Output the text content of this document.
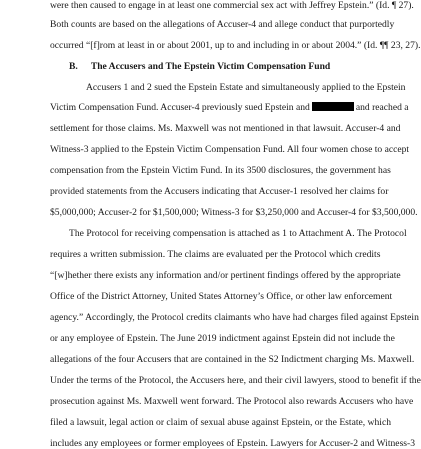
were then caused to engage in at least one commercial sex act with Jeffrey Epstein.” (Id. ¶ 27).

Both counts are based on the allegations of Accuser-4 and allege conduct that purportedly

occurred “[f]rom at least in or about 2001, up to and including in or about 2004.” (Id. ¶¶ 23, 27).

B. The Accusers and The Epstein Victim Compensation Fund

Accusers 1 and 2 sued the Epstein Estate and simultaneously applied to the Epstein

Victim Compensation Fund. Accuser-4 previously sued Epstein and	and reached a

settlement for those claims. Ms. Maxwell was not mentioned in that lawsuit. Accuser-4 and

Witness-3 applied to the Epstein Victim Compensation Fund. All four women chose to accept

compensation from the Epstein Victim Fund. In its 3500 disclosures, the government has

provided statements from the Accusers indicating that Accuser-1 resolved her claims for

$5,000,000; Accuser-2 for $1,500,000; Witness-3 for $3,250,000 and Accuser-4 for $3,500,000.

The Protocol for receiving compensation is attached as 1 to Attachment A. The Protocol

requires a written submission. The claims are evaluated per the Protocol which credits

“[w]hether there exists any information and/or pertinent findings offered by the appropriate

Office of the District Attorney, United States Attorney’s Office, or other law enforcement

agency.” Accordingly, the Protocol credits claimants who have had charges filed against Epstein

or any employee of Epstein. The June 2019 indictment against Epstein did not include the

allegations of the four Accusers that are contained in the S2 Indictment charging Ms. Maxwell.

Under the terms of the Protocol, the Accusers here, and their civil lawyers, stood to benefit if the

prosecution against Ms. Maxwell went forward. The Protocol also rewards Accusers who have

filed a lawsuit, legal action or claim of sexual abuse against Epstein, or the Estate, which

includes any employees or former employees of Epstein. Lawyers for Accuser-2 and Witness-3
